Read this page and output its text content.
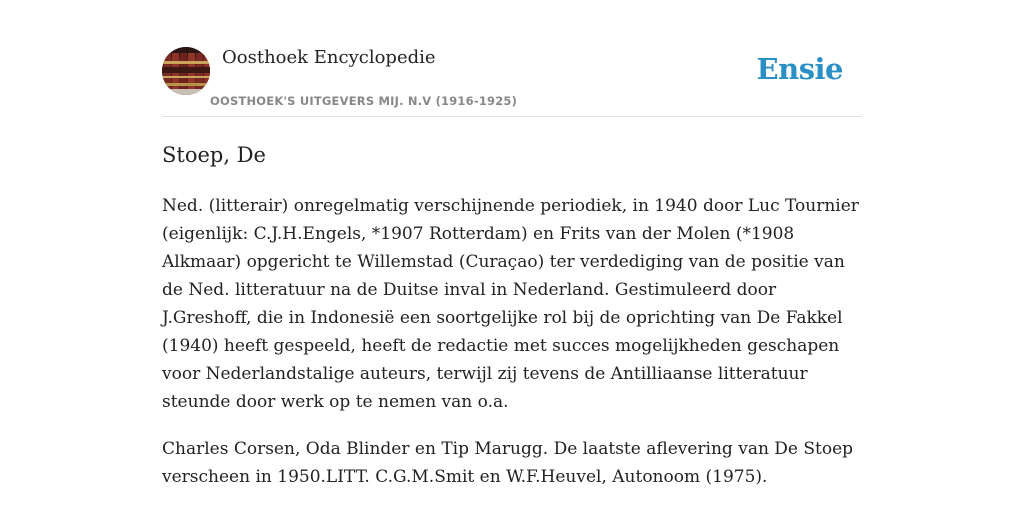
Oosthoek Encyclopedie
OOSTHOEK'S UITGEVERS MIJ. N.V (1916-1925)
Ensie
Stoep, De

Ned. (litterair) onregelmatig verschijnende periodiek, in 1940 door Luc Tournier (eigenlijk: C.J.H.Engels, *1907 Rotterdam) en Frits van der Molen (*1908 Alkmaar) opgericht te Willemstad (Curaçao) ter verdediging van de positie van de Ned. litteratuur na de Duitse inval in Nederland. Gestimuleerd door J.Greshoff, die in Indonesië een soortgelijke rol bij de oprichting van De Fakkel (1940) heeft gespeeld, heeft de redactie met succes mogelijkheden geschapen voor Nederlandstalige auteurs, terwijl zij tevens de Antilliaanse litteratuur steunde door werk op te nemen van o.a.

Charles Corsen, Oda Blinder en Tip Marugg. De laatste aflevering van De Stoep verscheen in 1950.LITT. C.G.M.Smit en W.F.Heuvel, Autonoom (1975).
